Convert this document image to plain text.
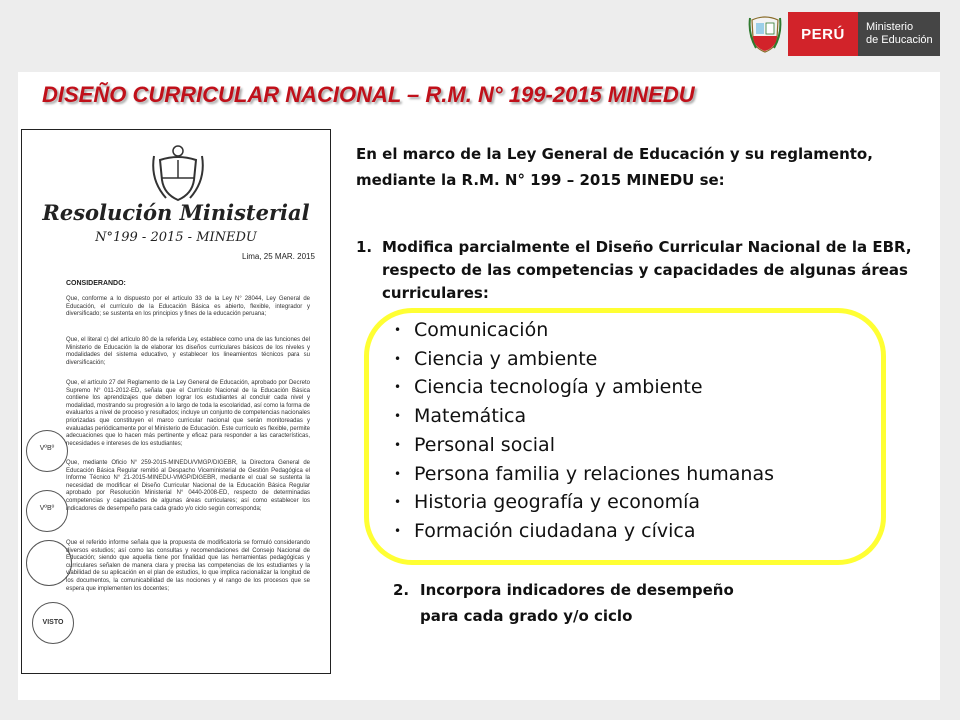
PERÚ	Ministerio
de Educación
DISEÑO CURRICULAR NACIONAL – R.M. N° 199-2015 MINEDU
Resolución Ministerial
N°199 - 2015 - MINEDU
Lima, 25 MAR. 2015
CONSIDERANDO:
Que, conforme a lo dispuesto por el artículo 33 de la Ley N° 28044, Ley General de Educación, el currículo de la Educación Básica es abierto, flexible, integrador y diversificado; se sustenta en los principios y fines de la educación peruana;
Que, el literal c) del artículo 80 de la referida Ley, establece como una de las funciones del Ministerio de Educación la de elaborar los diseños curriculares básicos de los niveles y modalidades del sistema educativo, y establecer los lineamientos técnicos para su diversificación;
Que, el artículo 27 del Reglamento de la Ley General de Educación, aprobado por Decreto Supremo N° 011-2012-ED, señala que el Currículo Nacional de la Educación Básica contiene los aprendizajes que deben lograr los estudiantes al concluir cada nivel y modalidad, mostrando su progresión a lo largo de toda la escolaridad, así como la forma de evaluarlos a nivel de proceso y resultados; incluye un conjunto de competencias nacionales priorizadas que constituyen el marco curricular nacional que serán monitoreadas y evaluadas periódicamente por el Ministerio de Educación. Este currículo es flexible, permite adecuaciones que lo hacen más pertinente y eficaz para responder a las características, necesidades e intereses de los estudiantes;
Que, mediante Oficio N° 259-2015-MINEDU/VMGP/DIGEBR, la Directora General de Educación Básica Regular remitió al Despacho Viceministerial de Gestión Pedagógica el Informe Técnico N° 21-2015-MINEDU-VMGP/DIGEBR, mediante el cual se sustenta la necesidad de modificar el Diseño Curricular Nacional de la Educación Básica Regular aprobado por Resolución Ministerial N° 0440-2008-ED, respecto de determinadas competencias y capacidades de algunas áreas curriculares; así como establecer los indicadores de desempeño para cada grado y/o ciclo según corresponda;
Que el referido informe señala que la propuesta de modificatoria se formuló considerando diversos estudios; así como las consultas y recomendaciones del Consejo Nacional de Educación; siendo que aquella tiene por finalidad que las herramientas pedagógicas y curriculares señalen de manera clara y precisa las competencias de los estudiantes y la viabilidad de su aplicación en el plan de estudios, lo que implica racionalizar la longitud de los documentos, la comunicabilidad de las nociones y el rango de los procesos que se espera que implementen los docentes;
VºBº
VºBº
VISTO
En el marco de la Ley General de Educación y su reglamento, mediante la R.M. N° 199 – 2015 MINEDU se:
1. Modifica parcialmente el Diseño Curricular Nacional de la EBR, respecto de las competencias y capacidades de algunas áreas curriculares:
• Comunicación
• Ciencia y ambiente
• Ciencia tecnología y ambiente
• Matemática
• Personal social
• Persona familia y relaciones humanas
• Historia geografía y economía
• Formación ciudadana y cívica
2. Incorpora indicadores de desempeño
para cada grado y/o ciclo
